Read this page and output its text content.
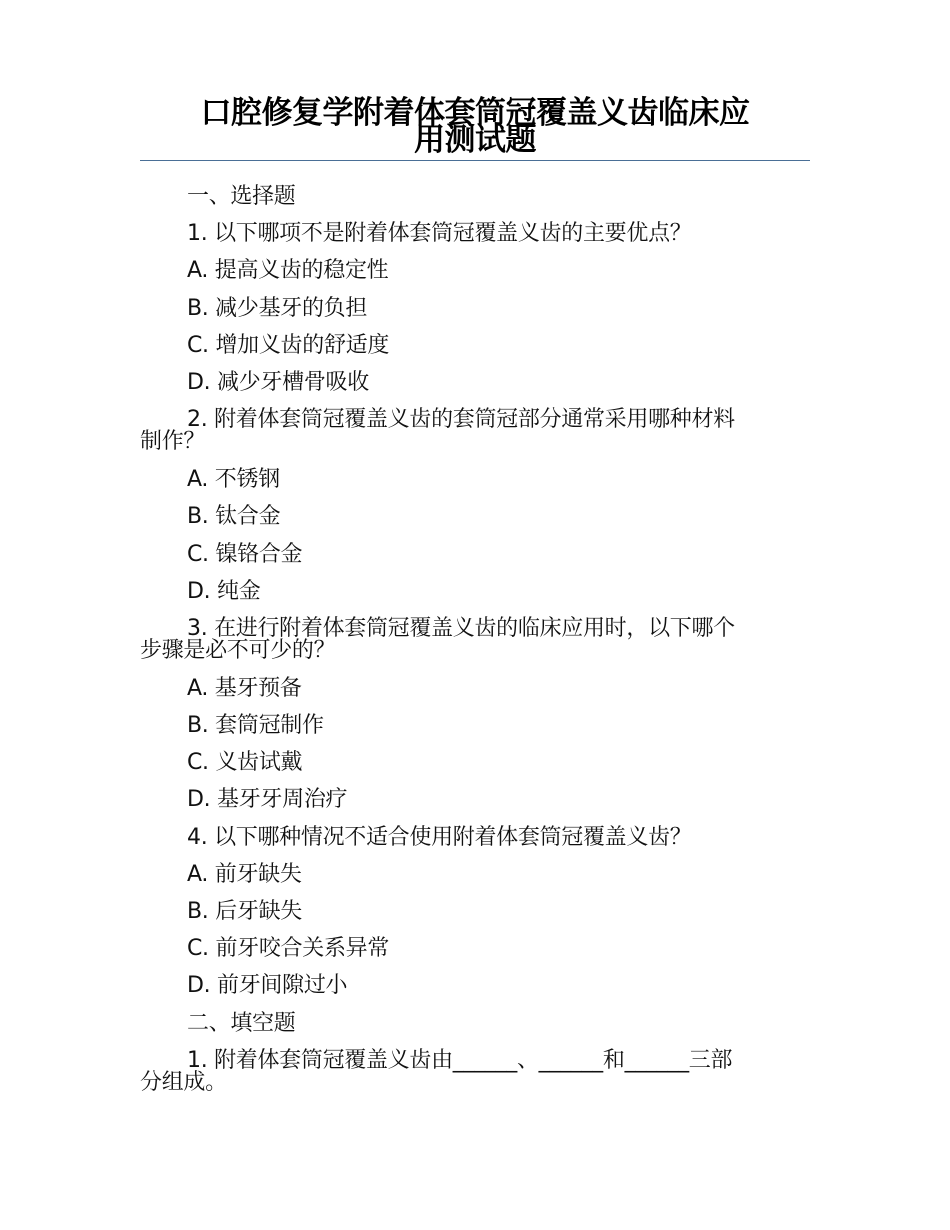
口腔修复学附着体套筒冠覆盖义齿临床应
用测试题
一、选择题
1. 以下哪项不是附着体套筒冠覆盖义齿的主要优点？
A. 提高义齿的稳定性
B. 减少基牙的负担
C. 增加义齿的舒适度
D. 减少牙槽骨吸收
2. 附着体套筒冠覆盖义齿的套筒冠部分通常采用哪种材料
制作？
A. 不锈钢
B. 钛合金
C. 镍铬合金
D. 纯金
3. 在进行附着体套筒冠覆盖义齿的临床应用时，以下哪个
步骤是必不可少的？
A. 基牙预备
B. 套筒冠制作
C. 义齿试戴
D. 基牙牙周治疗
4. 以下哪种情况不适合使用附着体套筒冠覆盖义齿？
A. 前牙缺失
B. 后牙缺失
C. 前牙咬合关系异常
D. 前牙间隙过小
二、填空题
1. 附着体套筒冠覆盖义齿由______、______和______三部
分组成。
